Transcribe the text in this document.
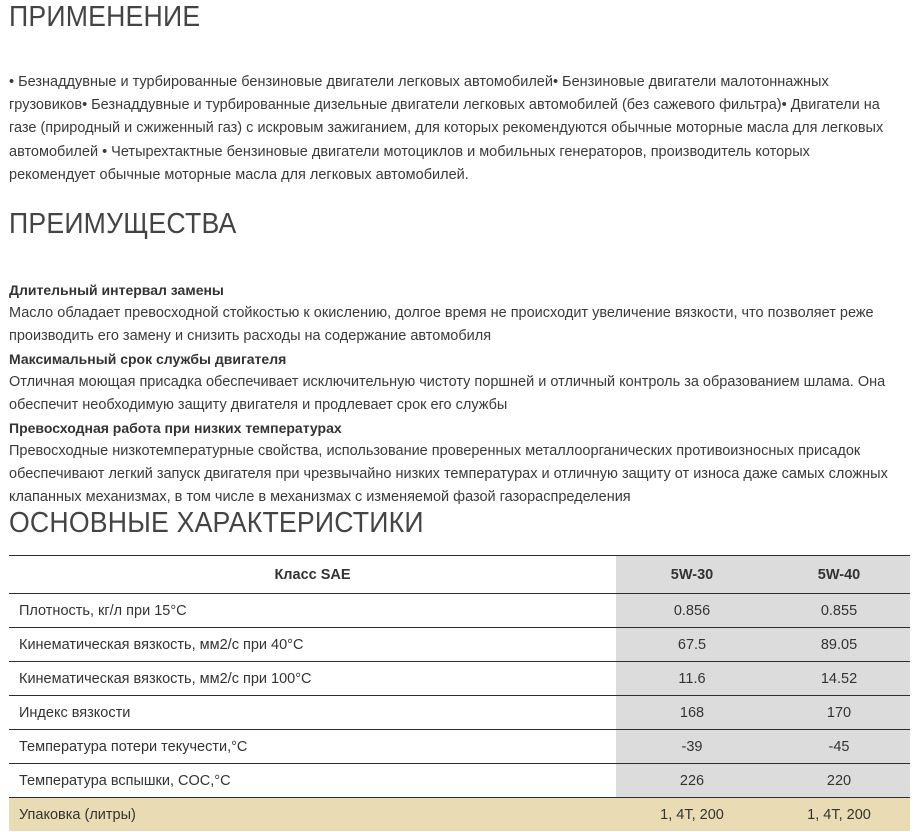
ПРИМЕНЕНИЕ
• Безнаддувные и турбированные бензиновые двигатели легковых автомобилей• Бензиновые двигатели малотоннажных грузовиков• Безнаддувные и турбированные дизельные двигатели легковых автомобилей (без сажевого фильтра)• Двигатели на газе (природный и сжиженный газ) с искровым зажиганием, для которых рекомендуются обычные моторные масла для легковых автомобилей • Четырехтактные бензиновые двигатели мотоциклов и мобильных генераторов, производитель которых рекомендует обычные моторные масла для легковых автомобилей.
ПРЕИМУЩЕСТВА
Длительный интервал замены
Масло обладает превосходной стойкостью к окислению, долгое время не происходит увеличение вязкости, что позволяет реже производить его замену и снизить расходы на содержание автомобиля
Максимальный срок службы двигателя
Отличная моющая присадка обеспечивает исключительную чистоту поршней и отличный контроль за образованием шлама. Она обеспечит необходимую защиту двигателя и продлевает срок его службы
Превосходная работа при низких температурах
Превосходные низкотемпературные свойства, использование проверенных металлоорганических противоизносных присадок обеспечивают легкий запуск двигателя при чрезвычайно низких температурах и отличную защиту от износа даже самых сложных клапанных механизмах, в том числе в механизмах с изменяемой фазой газораспределения
ОСНОВНЫЕ ХАРАКТЕРИСТИКИ
Класс SAE	5W-30	5W-40
Плотность, кг/л при 15°C	0.856	0.855
Кинематическая вязкость, мм2/с при 40°C	67.5	89.05
Кинематическая вязкость, мм2/с при 100°C	11.6	14.52
Индекс вязкости	168	170
Температура потери текучести,°C	-39	-45
Температура вспышки, COC,°C	226	220
Упаковка (литры)	1, 4T, 200	1, 4T, 200
